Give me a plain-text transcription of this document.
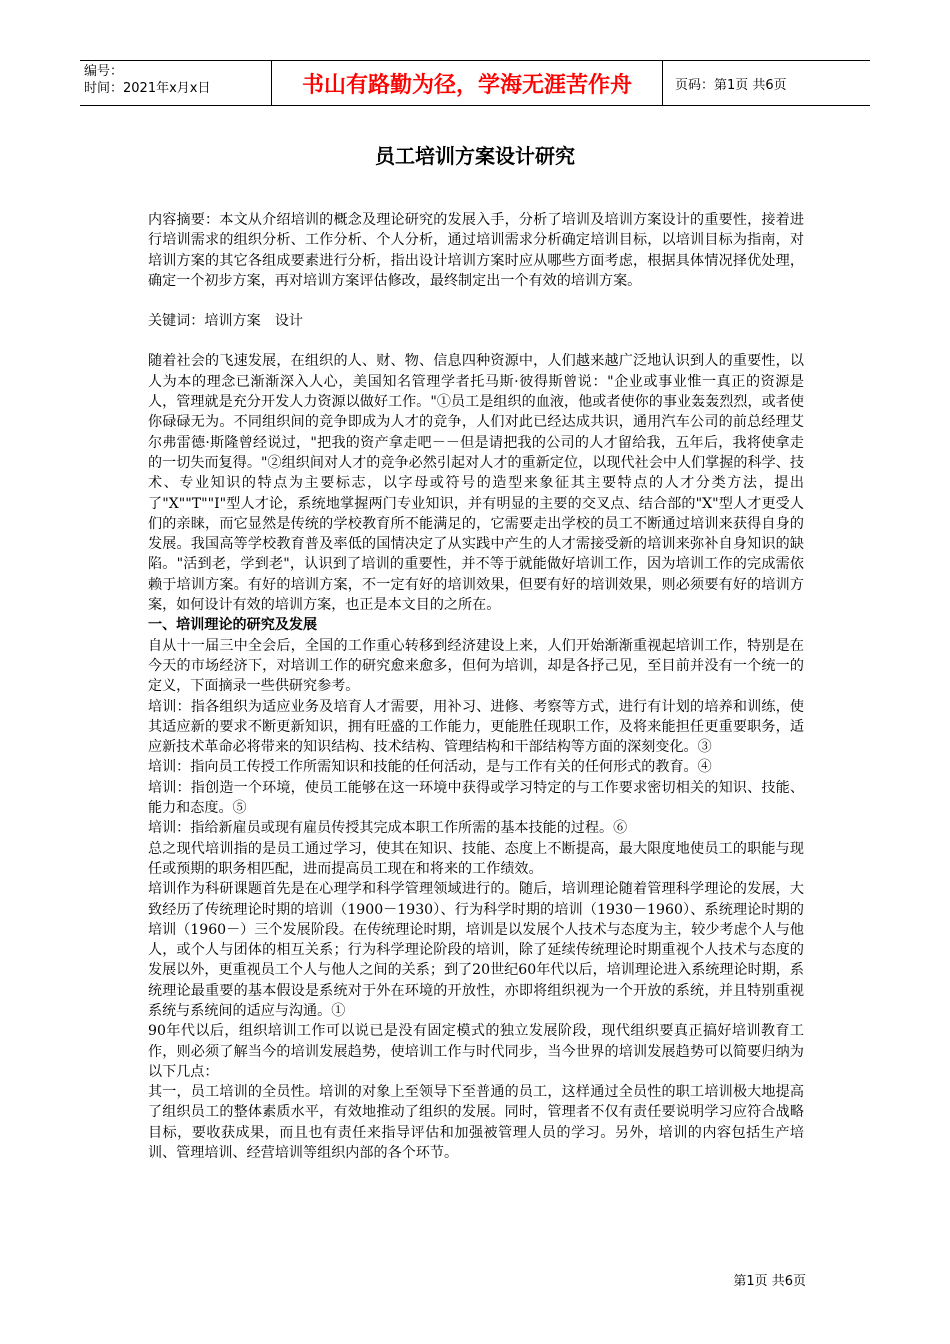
编号：
时间：2021年x月x日	书山有路勤为径，学海无涯苦作舟	页码：第1页 共6页
员工培训方案设计研究

内容摘要：本文从介绍培训的概念及理论研究的发展入手，分析了培训及培训方案设计的重要性，接着进行培训需求的组织分析、工作分析、个人分析，通过培训需求分析确定培训目标，以培训目标为指南，对培训方案的其它各组成要素进行分析，指出设计培训方案时应从哪些方面考虑，根据具体情况择优处理，确定一个初步方案，再对培训方案评估修改，最终制定出一个有效的培训方案。

关键词：培训方案　设计

随着社会的飞速发展，在组织的人、财、物、信息四种资源中，人们越来越广泛地认识到人的重要性，以人为本的理念已渐渐深入人心，美国知名管理学者托马斯·彼得斯曾说："企业或事业惟一真正的资源是人，管理就是充分开发人力资源以做好工作。"①员工是组织的血液，他或者使你的事业轰轰烈烈，或者使你碌碌无为。不同组织间的竞争即成为人才的竞争，人们对此已经达成共识，通用汽车公司的前总经理艾尔弗雷德·斯隆曾经说过，"把我的资产拿走吧－－但是请把我的公司的人才留给我，五年后，我将使拿走的一切失而复得。"②组织间对人才的竞争必然引起对人才的重新定位，以现代社会中人们掌握的科学、技术、专业知识的特点为主要标志，以字母或符号的造型来象征其主要特点的人才分类方法，提出了"X""T""I"型人才论，系统地掌握两门专业知识，并有明显的主要的交叉点、结合部的"X"型人才更受人们的亲睐，而它显然是传统的学校教育所不能满足的，它需要走出学校的员工不断通过培训来获得自身的发展。我国高等学校教育普及率低的国情决定了从实践中产生的人才需接受新的培训来弥补自身知识的缺陷。"活到老，学到老"，认识到了培训的重要性，并不等于就能做好培训工作，因为培训工作的完成需依赖于培训方案。有好的培训方案，不一定有好的培训效果，但要有好的培训效果，则必须要有好的培训方案，如何设计有效的培训方案，也正是本文目的之所在。

一、培训理论的研究及发展

自从十一届三中全会后，全国的工作重心转移到经济建设上来，人们开始渐渐重视起培训工作，特别是在今天的市场经济下，对培训工作的研究愈来愈多，但何为培训，却是各抒己见，至目前并没有一个统一的定义，下面摘录一些供研究参考。

培训：指各组织为适应业务及培育人才需要，用补习、进修、考察等方式，进行有计划的培养和训练，使其适应新的要求不断更新知识，拥有旺盛的工作能力，更能胜任现职工作，及将来能担任更重要职务，适应新技术革命必将带来的知识结构、技术结构、管理结构和干部结构等方面的深刻变化。③

培训：指向员工传授工作所需知识和技能的任何活动，是与工作有关的任何形式的教育。④

培训：指创造一个环境，使员工能够在这一环境中获得或学习特定的与工作要求密切相关的知识、技能、能力和态度。⑤

培训：指给新雇员或现有雇员传授其完成本职工作所需的基本技能的过程。⑥

总之现代培训指的是员工通过学习，使其在知识、技能、态度上不断提高，最大限度地使员工的职能与现任或预期的职务相匹配，进而提高员工现在和将来的工作绩效。

培训作为科研课题首先是在心理学和科学管理领域进行的。随后，培训理论随着管理科学理论的发展，大致经历了传统理论时期的培训（1900－1930）、行为科学时期的培训（1930－1960）、系统理论时期的培训（1960－）三个发展阶段。在传统理论时期，培训是以发展个人技术与态度为主，较少考虑个人与他人，或个人与团体的相互关系；行为科学理论阶段的培训，除了延续传统理论时期重视个人技术与态度的发展以外，更重视员工个人与他人之间的关系；到了20世纪60年代以后，培训理论进入系统理论时期，系统理论最重要的基本假设是系统对于外在环境的开放性，亦即将组织视为一个开放的系统，并且特别重视系统与系统间的适应与沟通。①

90年代以后，组织培训工作可以说已是没有固定模式的独立发展阶段，现代组织要真正搞好培训教育工作，则必须了解当今的培训发展趋势，使培训工作与时代同步，当今世界的培训发展趋势可以简要归纳为以下几点：

其一，员工培训的全员性。培训的对象上至领导下至普通的员工，这样通过全员性的职工培训极大地提高了组织员工的整体素质水平，有效地推动了组织的发展。同时，管理者不仅有责任要说明学习应符合战略目标，要收获成果，而且也有责任来指导评估和加强被管理人员的学习。另外，培训的内容包括生产培训、管理培训、经营培训等组织内部的各个环节。

第1页 共6页
